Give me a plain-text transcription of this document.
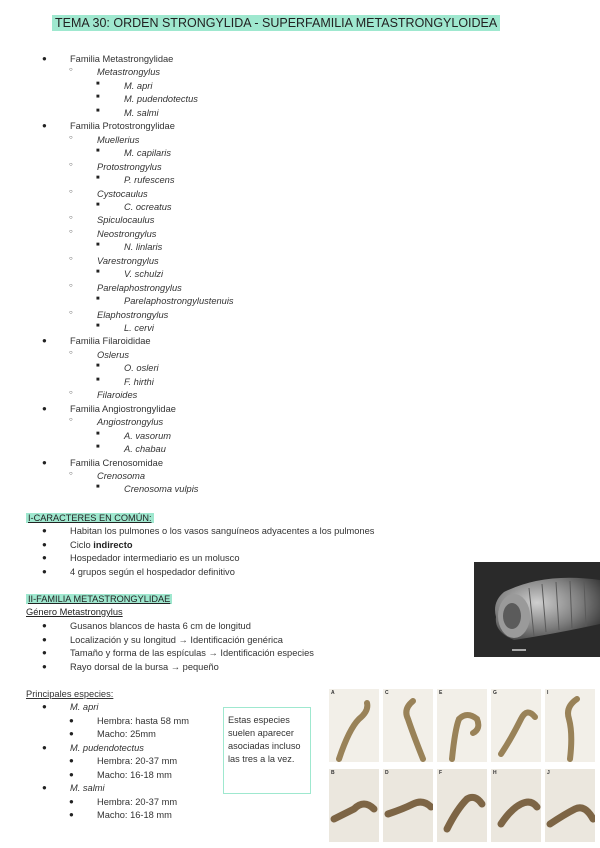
TEMA 30: ORDEN STRONGYLIDA - SUPERFAMILIA METASTRONGYLOIDEA
● Familia Metastrongylidae
○	Metastrongylus
■	M. apri
■	M. pudendotectus
■	M. salmi
● Familia Protostrongylidae
○	Muellerius
■	M. capilaris
○	Protostrongylus
■	P. rufescens
○	Cystocaulus
■	C. ocreatus
○	Spiculocaulus
○	Neostrongylus
■	N. linlaris
○	Varestrongylus
■	V. schulzi
○	Parelaphostrongylus
■	Parelaphostrongylustenuis
○	Elaphostrongylus
■	L. cervi
● Familia Filaroididae
○	Oslerus
■	O. osleri
■	F. hirthi
○	Filaroides
● Familia Angiostrongylidae
○	Angiostrongylus
■	A. vasorum
■	A. chabau
● Familia Crenosomidae
○	Crenosoma
■	Crenosoma vulpis
I-CARACTERES EN COMÚN:
● Habitan los pulmones o los vasos sanguíneos adyacentes a los pulmones
● Ciclo indirecto
● Hospedador intermediario es un molusco
● 4 grupos según el hospedador definitivo
II-FAMILIA METASTRONGYLIDAE
Género Metastrongylus
● Gusanos blancos de hasta 6 cm de longitud
● Localización y su longitud → Identificación genérica
● Tamaño y forma de las espículas → Identificación especies
● Rayo dorsal de la bursa → pequeño
Principales especies:
● M. apri
● Hembra: hasta 58 mm
● Macho: 25mm
● M. pudendotectus
● Hembra: 20-37 mm
● Macho: 16-18 mm
● M. salmi
● Hembra: 20-37 mm
● Macho: 16-18 mm
Estas especies suelen aparecer asociadas incluso las tres a la vez.
A	C	E	G	I
B	D	F	H	J
